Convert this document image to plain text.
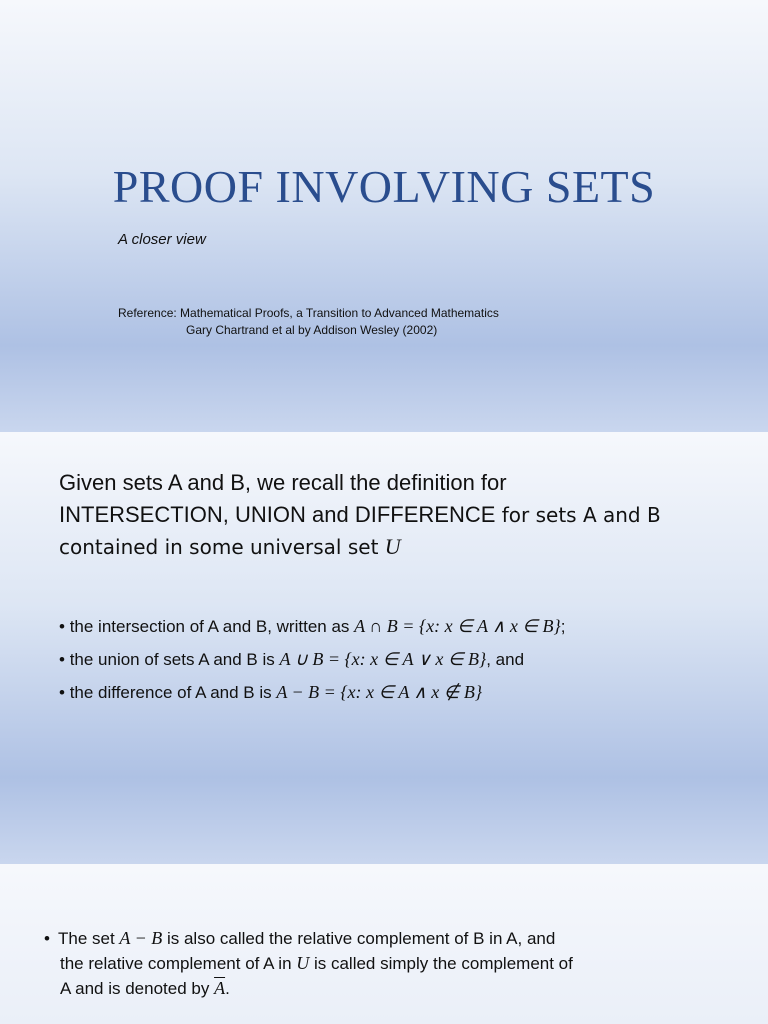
PROOF INVOLVING SETS
A closer view
Reference: Mathematical Proofs, a Transition to Advanced Mathematics
Gary Chartrand et al by Addison Wesley (2002)
Given sets A and B, we recall the definition for
INTERSECTION, UNION and DIFFERENCE for sets A and B
contained in some universal set U
• the intersection of A and B, written as A ∩ B = {x: x ∈ A ∧ x ∈ B};
• the union of sets A and B is A ∪ B = {x: x ∈ A ∨ x ∈ B}, and
• the difference of A and B is A − B = {x: x ∈ A ∧ x ∉ B}
• The set A − B is also called the relative complement of B in A, and
the relative complement of A in U is called simply the complement of
A and is denoted by $\overline{A}$.
